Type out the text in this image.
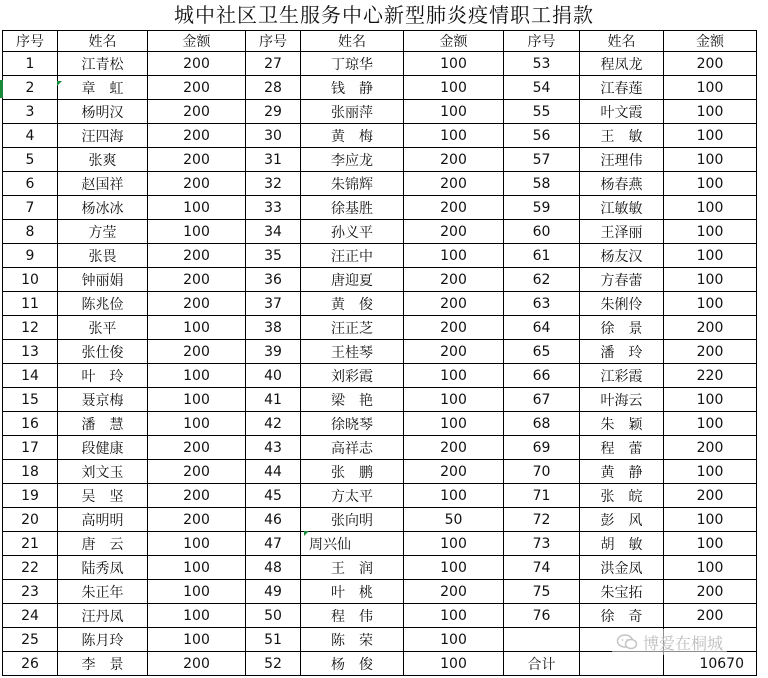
城中社区卫生服务中心新型肺炎疫情职工捐款
序号	姓名	金额	序号	姓名	金额	序号	姓名	金额
1	江青松	200	27	丁琼华	100	53	程凤龙	200
2	章　虹	200	28	钱　静	100	54	江春莲	100
3	杨明汉	200	29	张丽萍	100	55	叶文霞	100
4	汪四海	200	30	黄　梅	100	56	王　敏	100
5	张爽	200	31	李应龙	200	57	汪理伟	100
6	赵国祥	200	32	朱锦辉	200	58	杨春燕	100
7	杨冰冰	100	33	徐基胜	200	59	江敏敏	100
8	方莹	100	34	孙义平	200	60	王泽丽	100
9	张畏	200	35	汪正中	100	61	杨友汉	100
10	钟丽娟	200	36	唐迎夏	200	62	方春蕾	100
11	陈兆俭	200	37	黄　俊	200	63	朱俐伶	100
12	张平	100	38	汪正芝	200	64	徐　景	200
13	张仕俊	200	39	王桂琴	200	65	潘　玲	200
14	叶　玲	100	40	刘彩霞	100	66	江彩霞	220
15	聂京梅	100	41	梁　艳	100	67	叶海云	100
16	潘　慧	100	42	徐晓琴	100	68	朱　颖	100
17	段健康	200	43	高祥志	200	69	程　蕾	200
18	刘文玉	200	44	张　鹏	200	70	黄　静	100
19	吴　坚	200	45	方太平	100	71	张　皖	200
20	高明明	200	46	张向明	50	72	彭　风	100
21	唐　云	100	47	周兴仙	100	73	胡　敏	100
22	陆秀凤	100	48	王　润	100	74	洪金凤	100
23	朱正年	100	49	叶　桃	200	75	朱宝拓	200
24	汪丹凤	100	50	程　伟	100	76	徐　奇	200
25	陈月玲	100	51	陈　荣	100			
26	李　景	200	52	杨　俊	100	合计		10670
博爱在桐城
